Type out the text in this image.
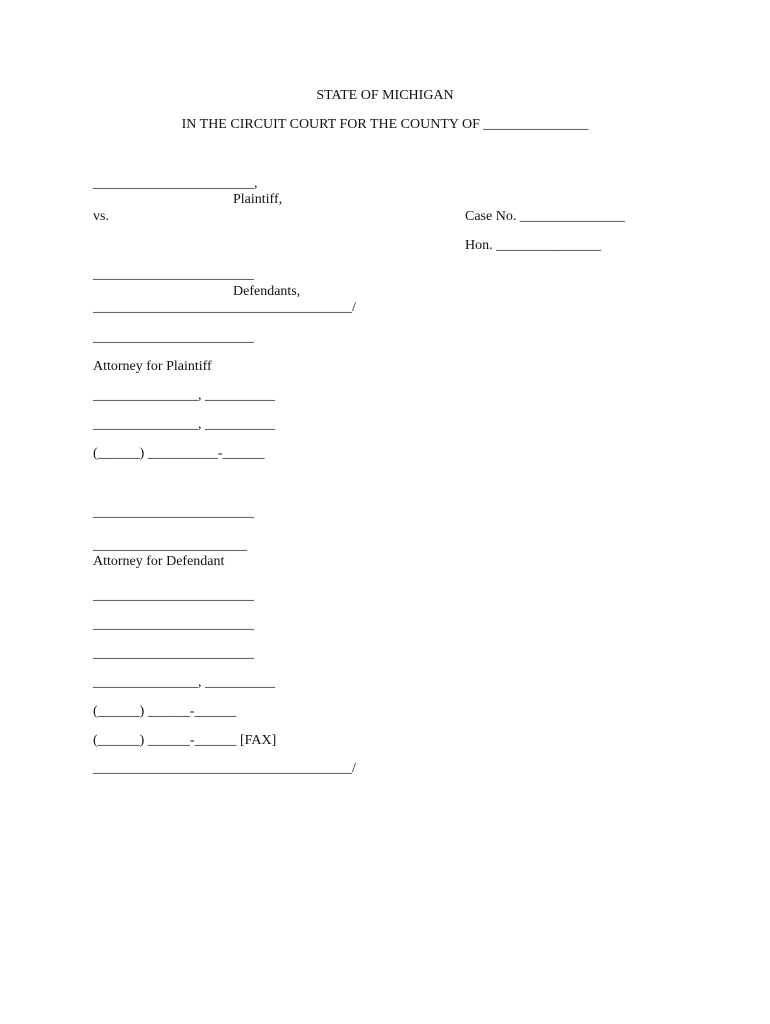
STATE OF MICHIGAN
IN THE CIRCUIT COURT FOR THE COUNTY OF _______________
_______________________,
Plaintiff,
vs.	Case No. _______________
Hon. _______________
_______________________
Defendants,
_____________________________________/
_______________________
Attorney for Plaintiff
_______________, __________
_______________, __________
(______) __________-______
_______________________
______________________
Attorney for Defendant
_______________________
_______________________
_______________________
_______________, __________
(______) ______-______
(______) ______-______ [FAX]
_____________________________________/
